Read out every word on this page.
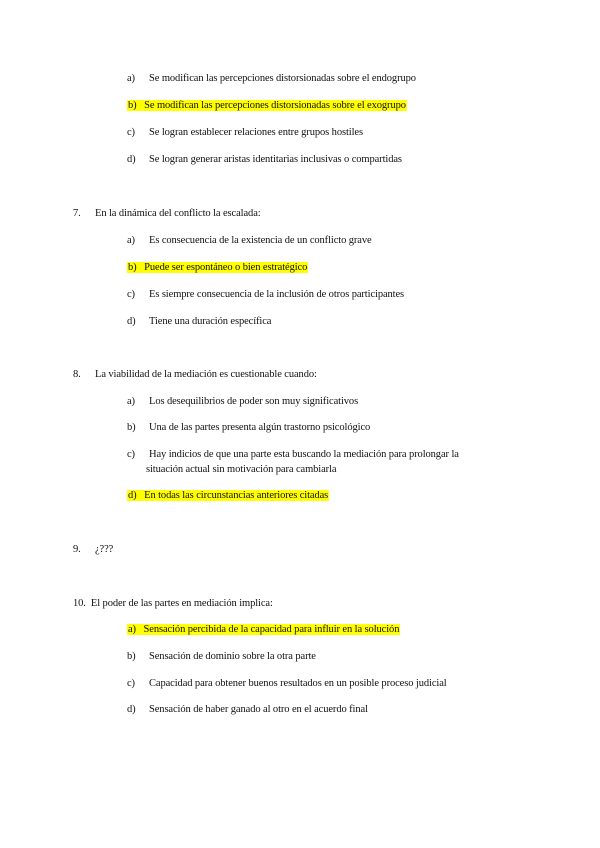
a) Se modifican las percepciones distorsionadas sobre el endogrupo
b) Se modifican las percepciones distorsionadas sobre el exogrupo
c) Se logran establecer relaciones entre grupos hostiles
d) Se logran generar aristas identitarias inclusivas o compartidas
7. En la dinámica del conflicto la escalada:
a) Es consecuencia de la existencia de un conflicto grave
b) Puede ser espontáneo o bien estratégico
c) Es siempre consecuencia de la inclusión de otros participantes
d) Tiene una duración específica
8. La viabilidad de la mediación es cuestionable cuando:
a) Los desequilibrios de poder son muy significativos
b) Una de las partes presenta algún trastorno psicológico
c) Hay indicios de que una parte esta buscando la mediación para prolongar la
situación actual sin motivación para cambiarla
d) En todas las circunstancias anteriores citadas
9. ¿???
10. El poder de las partes en mediación implica:
a) Sensación percibida de la capacidad para influir en la solución
b) Sensación de dominio sobre la otra parte
c) Capacidad para obtener buenos resultados en un posible proceso judicial
d) Sensación de haber ganado al otro en el acuerdo final
